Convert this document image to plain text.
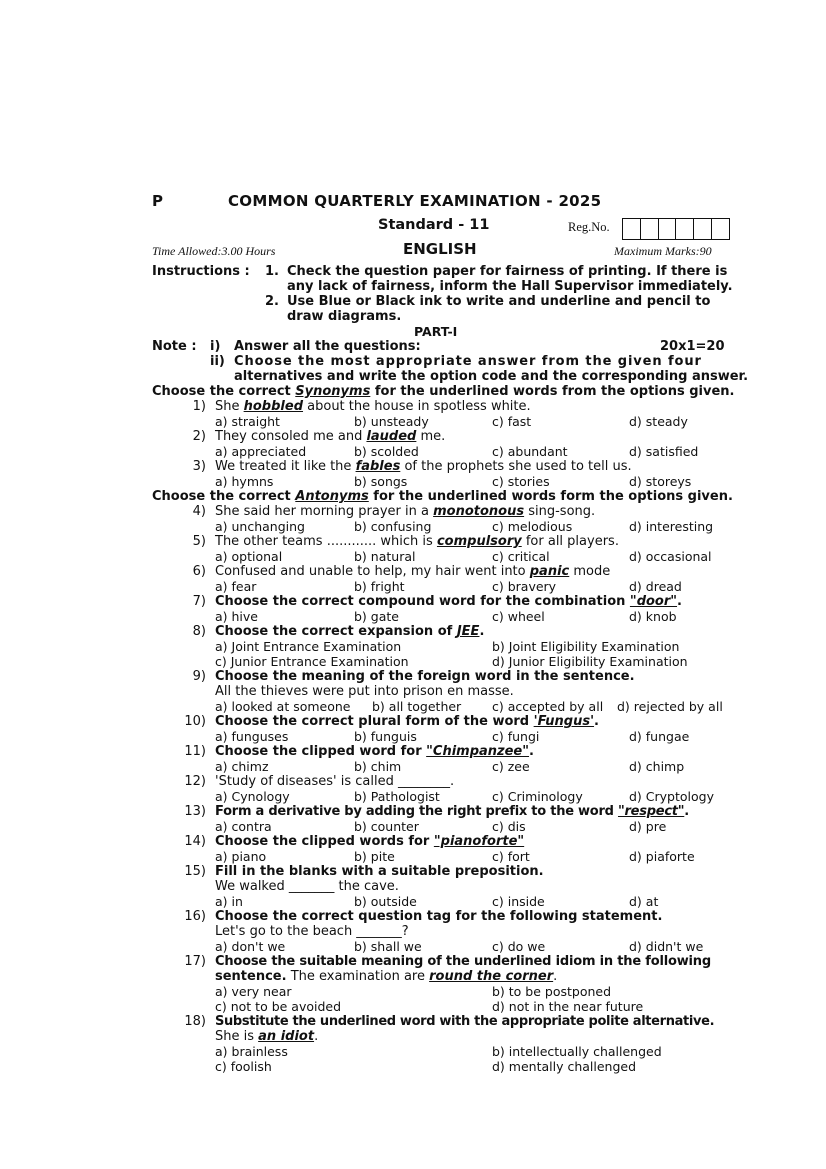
P	COMMON QUARTERLY EXAMINATION - 2025
Standard - 11	Reg.No.
Time Allowed:3.00 Hours	ENGLISH	Maximum Marks:90
Instructions : 1. Check the question paper for fairness of printing. If there is
any lack of fairness, inform the Hall Supervisor immediately.
2. Use Blue or Black ink to write and underline and pencil to
draw diagrams.
PART-I
Note : i) Answer all the questions:	20x1=20
ii) Choose the most appropriate answer from the given four
alternatives and write the option code and the corresponding answer.
Choose the correct Synonyms for the underlined words from the options given.
1) She hobbled about the house in spotless white.
a) straight	b) unsteady	c) fast	d) steady
2) They consoled me and lauded me.
a) appreciated	b) scolded	c) abundant	d) satisfied
3) We treated it like the fables of the prophets she used to tell us.
a) hymns	b) songs	c) stories	d) storeys
Choose the correct Antonyms for the underlined words form the options given.
4) She said her morning prayer in a monotonous sing-song.
a) unchanging	b) confusing	c) melodious	d) interesting
5) The other teams ............ which is compulsory for all players.
a) optional	b) natural	c) critical	d) occasional
6) Confused and unable to help, my hair went into panic mode
a) fear	b) fright	c) bravery	d) dread
7) Choose the correct compound word for the combination "door".
a) hive	b) gate	c) wheel	d) knob
8) Choose the correct expansion of JEE.
a) Joint Entrance Examination	b) Joint Eligibility Examination
c) Junior Entrance Examination	d) Junior Eligibility Examination
9) Choose the meaning of the foreign word in the sentence.
All the thieves were put into prison en masse.
a) looked at someone b) all together c) accepted by all d) rejected by all
10) Choose the correct plural form of the word 'Fungus'.
a) funguses	b) funguis	c) fungi	d) fungae
11) Choose the clipped word for "Chimpanzee".
a) chimz	b) chim	c) zee	d) chimp
12) 'Study of diseases' is called ________.
a) Cynology	b) Pathologist	c) Criminology	d) Cryptology
13) Form a derivative by adding the right prefix to the word "respect".
a) contra	b) counter	c) dis	d) pre
14) Choose the clipped words for "pianoforte"
a) piano	b) pite	c) fort	d) piaforte
15) Fill in the blanks with a suitable preposition.
We walked _______ the cave.
a) in	b) outside	c) inside	d) at
16) Choose the correct question tag for the following statement.
Let's go to the beach _______?
a) don't we	b) shall we	c) do we	d) didn't we
17) Choose the suitable meaning of the underlined idiom in the following
sentence. The examination are round the corner.
a) very near	b) to be postponed
c) not to be avoided	d) not in the near future
18) Substitute the underlined word with the appropriate polite alternative.
She is an idiot.
a) brainless	b) intellectually challenged
c) foolish	d) mentally challenged
